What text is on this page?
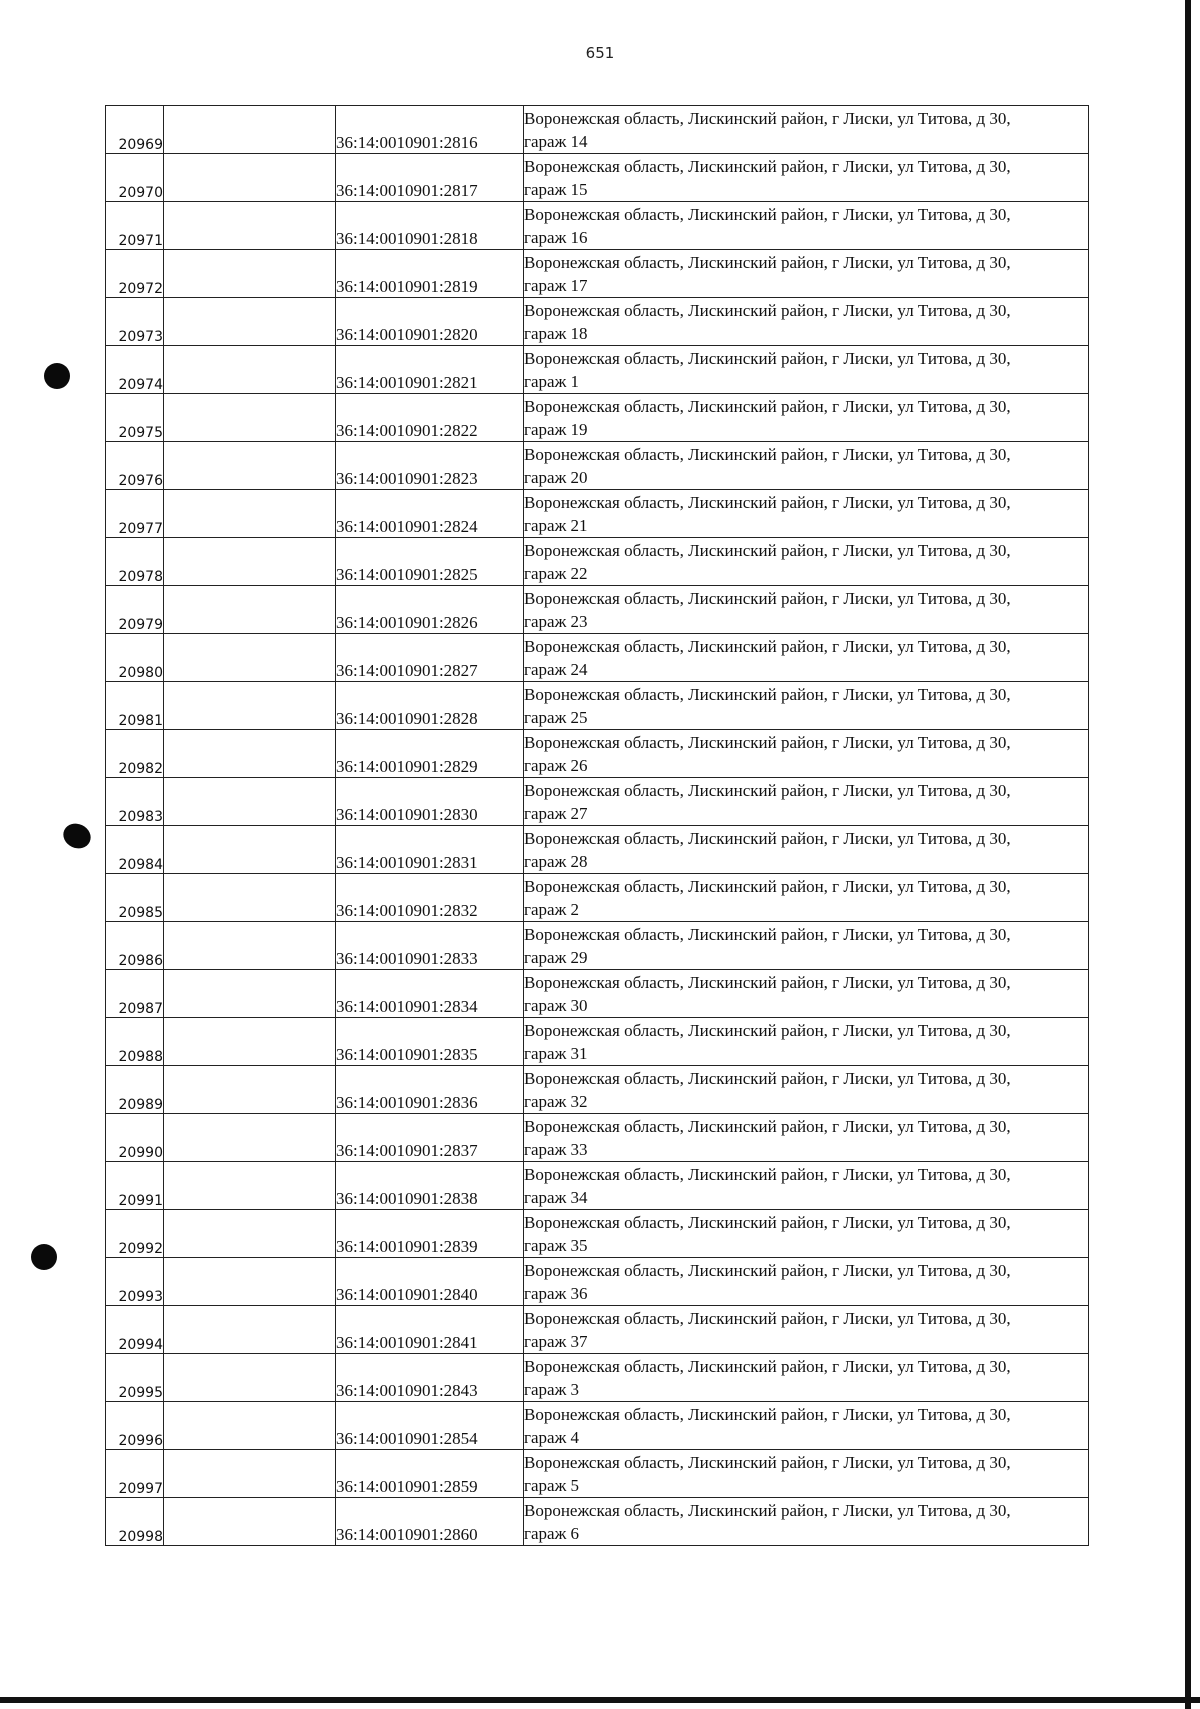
651
20969		36:14:0010901:2816	Воронежская область, Лискинский район, г Лиски, ул Титова, д 30,
гараж 14

20970		36:14:0010901:2817	Воронежская область, Лискинский район, г Лиски, ул Титова, д 30,
гараж 15

20971		36:14:0010901:2818	Воронежская область, Лискинский район, г Лиски, ул Титова, д 30,
гараж 16

20972		36:14:0010901:2819	Воронежская область, Лискинский район, г Лиски, ул Титова, д 30,
гараж 17

20973		36:14:0010901:2820	Воронежская область, Лискинский район, г Лиски, ул Титова, д 30,
гараж 18

20974		36:14:0010901:2821	Воронежская область, Лискинский район, г Лиски, ул Титова, д 30,
гараж 1

20975		36:14:0010901:2822	Воронежская область, Лискинский район, г Лиски, ул Титова, д 30,
гараж 19

20976		36:14:0010901:2823	Воронежская область, Лискинский район, г Лиски, ул Титова, д 30,
гараж 20

20977		36:14:0010901:2824	Воронежская область, Лискинский район, г Лиски, ул Титова, д 30,
гараж 21

20978		36:14:0010901:2825	Воронежская область, Лискинский район, г Лиски, ул Титова, д 30,
гараж 22

20979		36:14:0010901:2826	Воронежская область, Лискинский район, г Лиски, ул Титова, д 30,
гараж 23

20980		36:14:0010901:2827	Воронежская область, Лискинский район, г Лиски, ул Титова, д 30,
гараж 24

20981		36:14:0010901:2828	Воронежская область, Лискинский район, г Лиски, ул Титова, д 30,
гараж 25

20982		36:14:0010901:2829	Воронежская область, Лискинский район, г Лиски, ул Титова, д 30,
гараж 26

20983		36:14:0010901:2830	Воронежская область, Лискинский район, г Лиски, ул Титова, д 30,
гараж 27

20984		36:14:0010901:2831	Воронежская область, Лискинский район, г Лиски, ул Титова, д 30,
гараж 28

20985		36:14:0010901:2832	Воронежская область, Лискинский район, г Лиски, ул Титова, д 30,
гараж 2

20986		36:14:0010901:2833	Воронежская область, Лискинский район, г Лиски, ул Титова, д 30,
гараж 29

20987		36:14:0010901:2834	Воронежская область, Лискинский район, г Лиски, ул Титова, д 30,
гараж 30

20988		36:14:0010901:2835	Воронежская область, Лискинский район, г Лиски, ул Титова, д 30,
гараж 31

20989		36:14:0010901:2836	Воронежская область, Лискинский район, г Лиски, ул Титова, д 30,
гараж 32

20990		36:14:0010901:2837	Воронежская область, Лискинский район, г Лиски, ул Титова, д 30,
гараж 33

20991		36:14:0010901:2838	Воронежская область, Лискинский район, г Лиски, ул Титова, д 30,
гараж 34

20992		36:14:0010901:2839	Воронежская область, Лискинский район, г Лиски, ул Титова, д 30,
гараж 35

20993		36:14:0010901:2840	Воронежская область, Лискинский район, г Лиски, ул Титова, д 30,
гараж 36

20994		36:14:0010901:2841	Воронежская область, Лискинский район, г Лиски, ул Титова, д 30,
гараж 37

20995		36:14:0010901:2843	Воронежская область, Лискинский район, г Лиски, ул Титова, д 30,
гараж 3

20996		36:14:0010901:2854	Воронежская область, Лискинский район, г Лиски, ул Титова, д 30,
гараж 4

20997		36:14:0010901:2859	Воронежская область, Лискинский район, г Лиски, ул Титова, д 30,
гараж 5

20998		36:14:0010901:2860	Воронежская область, Лискинский район, г Лиски, ул Титова, д 30,
гараж 6
